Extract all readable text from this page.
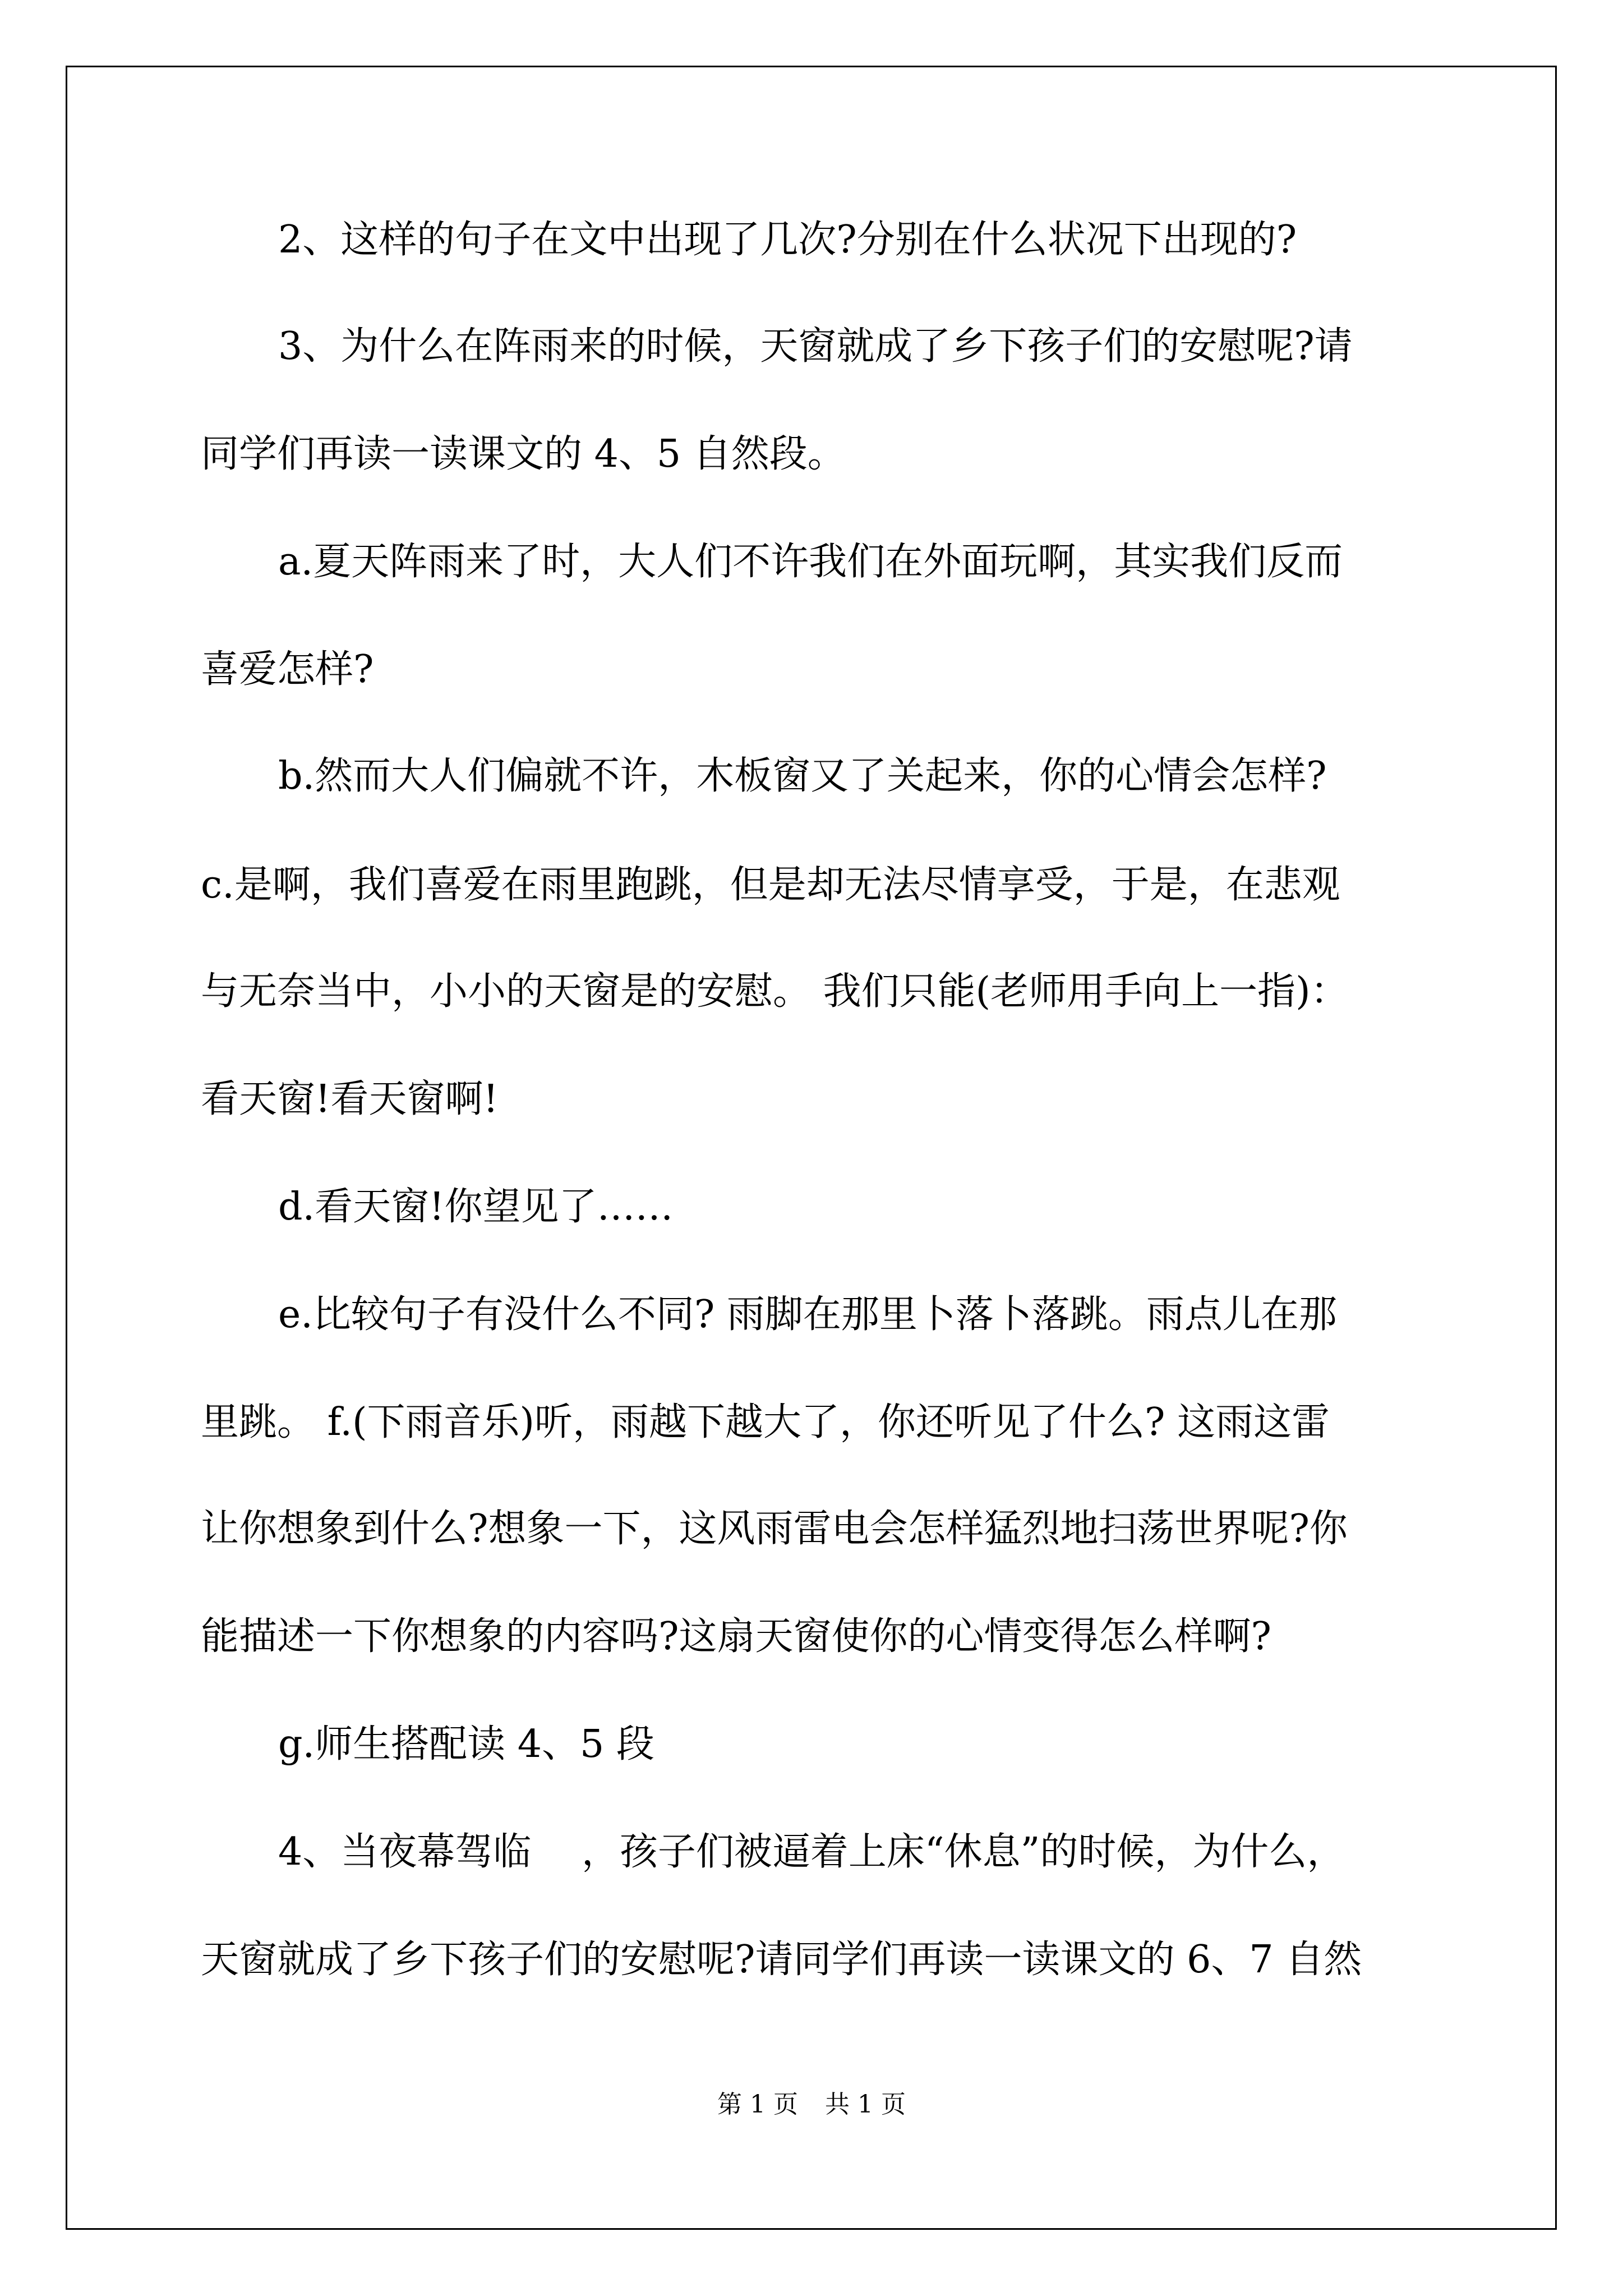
2、这样的句子在文中出现了几次?分别在什么状况下出现的?
3、为什么在阵雨来的时候，天窗就成了乡下孩子们的安慰呢?请
同学们再读一读课文的 4、5 自然段。
a.夏天阵雨来了时，大人们不许我们在外面玩啊，其实我们反而
喜爱怎样?
b.然而大人们偏就不许，木板窗又了关起来，你的心情会怎样?
c.是啊，我们喜爱在雨里跑跳，但是却无法尽情享受，于是，在悲观
与无奈当中，小小的天窗是的安慰。 我们只能(老师用手向上一指)：
看天窗!看天窗啊!
d.看天窗!你望见了……
e.比较句子有没什么不同? 雨脚在那里卜落卜落跳。雨点儿在那
里跳。 f.(下雨音乐)听，雨越下越大了，你还听见了什么? 这雨这雷
让你想象到什么?想象一下，这风雨雷电会怎样猛烈地扫荡世界呢?你
能描述一下你想象的内容吗?这扇天窗使你的心情变得怎么样啊?
g.师生搭配读 4、5 段
4、当夜幕驾临　 ，孩子们被逼着上床“休息”的时候，为什么，
天窗就成了乡下孩子们的安慰呢?请同学们再读一读课文的 6、7 自然
第 1 页 共 1 页
